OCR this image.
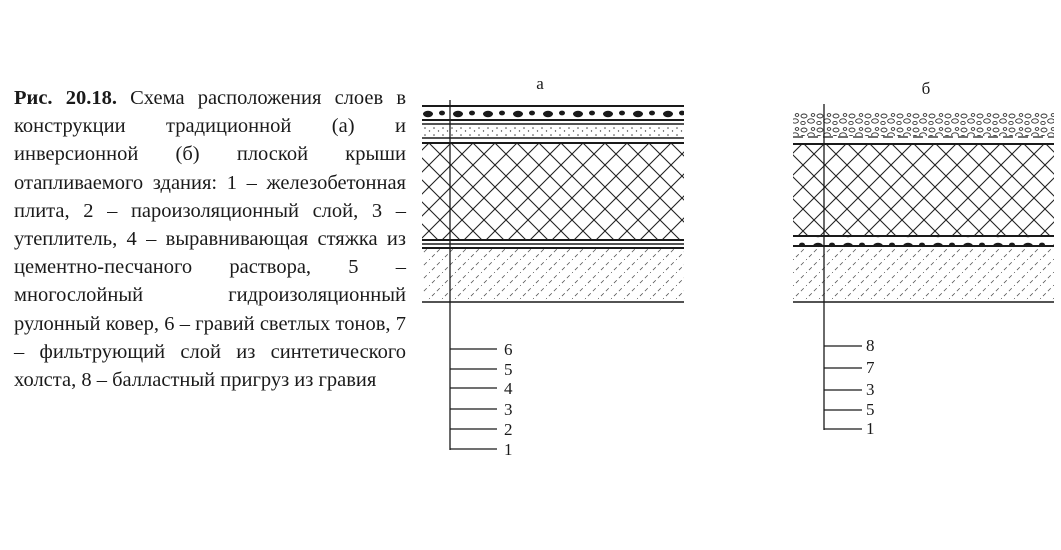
Рис. 20.18. Схема расположения слоев в конструкции традиционной (а) и инверсионной (б) плоской крыши отапливаемого здания: 1 – железобетонная плита, 2 – пароизоляционный слой, 3 – утеплитель, 4 – выравнивающая стяжка из цементно-песчаного раствора, 5 – многослойный гидроизоляционный рулонный ковер, 6 – гравий светлых тонов, 7 – фильтрующий слой из синтетического холста, 8 – балластный пригруз из гравия

а
6
5
4
3
2
1
б
8
7
3
5
1
